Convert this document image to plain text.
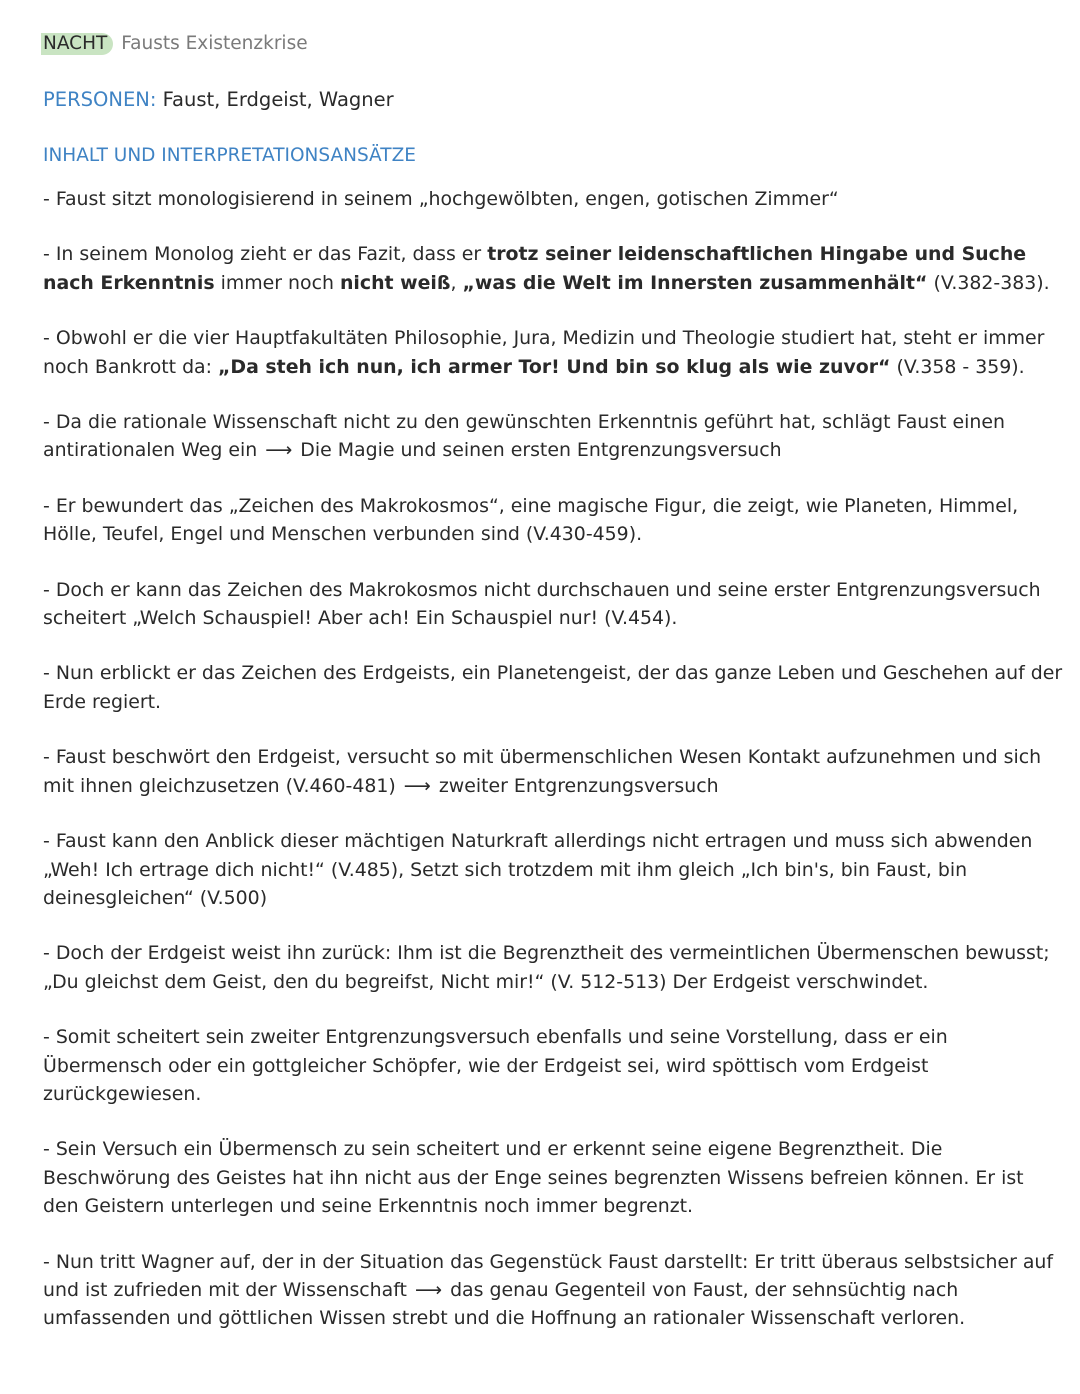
NACHT Fausts Existenzkrise
PERSONEN: Faust, Erdgeist, Wagner
INHALT UND INTERPRETATIONSANSÄTZE

- Faust sitzt monologisierend in seinem „hochgewölbten, engen, gotischen Zimmer“

- In seinem Monolog zieht er das Fazit, dass er trotz seiner leidenschaftlichen Hingabe und Suche nach Erkenntnis immer noch nicht weiß, „was die Welt im Innersten zusammenhält“ (V.382-383).

- Obwohl er die vier Hauptfakultäten Philosophie, Jura, Medizin und Theologie studiert hat, steht er immer noch Bankrott da: „Da steh ich nun, ich armer Tor! Und bin so klug als wie zuvor“ (V.358 - 359).

- Da die rationale Wissenschaft nicht zu den gewünschten Erkenntnis geführt hat, schlägt Faust einen antirationalen Weg ein ⟶ Die Magie und seinen ersten Entgrenzungsversuch

- Er bewundert das „Zeichen des Makrokosmos“, eine magische Figur, die zeigt, wie Planeten, Himmel, Hölle, Teufel, Engel und Menschen verbunden sind (V.430-459).

- Doch er kann das Zeichen des Makrokosmos nicht durchschauen und seine erster Entgrenzungsversuch scheitert „Welch Schauspiel! Aber ach! Ein Schauspiel nur! (V.454).

- Nun erblickt er das Zeichen des Erdgeists, ein Planetengeist, der das ganze Leben und Geschehen auf der Erde regiert.

- Faust beschwört den Erdgeist, versucht so mit übermenschlichen Wesen Kontakt aufzunehmen und sich mit ihnen gleichzusetzen (V.460-481) ⟶ zweiter Entgrenzungsversuch

- Faust kann den Anblick dieser mächtigen Naturkraft allerdings nicht ertragen und muss sich abwenden „Weh! Ich ertrage dich nicht!“ (V.485), Setzt sich trotzdem mit ihm gleich „Ich bin's, bin Faust, bin deinesgleichen“ (V.500)

- Doch der Erdgeist weist ihn zurück: Ihm ist die Begrenztheit des vermeintlichen Übermenschen bewusst; „Du gleichst dem Geist, den du begreifst, Nicht mir!“ (V. 512-513) Der Erdgeist verschwindet.

- Somit scheitert sein zweiter Entgrenzungsversuch ebenfalls und seine Vorstellung, dass er ein Übermensch oder ein gottgleicher Schöpfer, wie der Erdgeist sei, wird spöttisch vom Erdgeist zurückgewiesen.

- Sein Versuch ein Übermensch zu sein scheitert und er erkennt seine eigene Begrenztheit. Die Beschwörung des Geistes hat ihn nicht aus der Enge seines begrenzten Wissens befreien können. Er ist den Geistern unterlegen und seine Erkenntnis noch immer begrenzt.

- Nun tritt Wagner auf, der in der Situation das Gegenstück Faust darstellt: Er tritt überaus selbstsicher auf und ist zufrieden mit der Wissenschaft ⟶ das genau Gegenteil von Faust, der sehnsüchtig nach umfassenden und göttlichen Wissen strebt und die Hoffnung an rationaler Wissenschaft verloren.
